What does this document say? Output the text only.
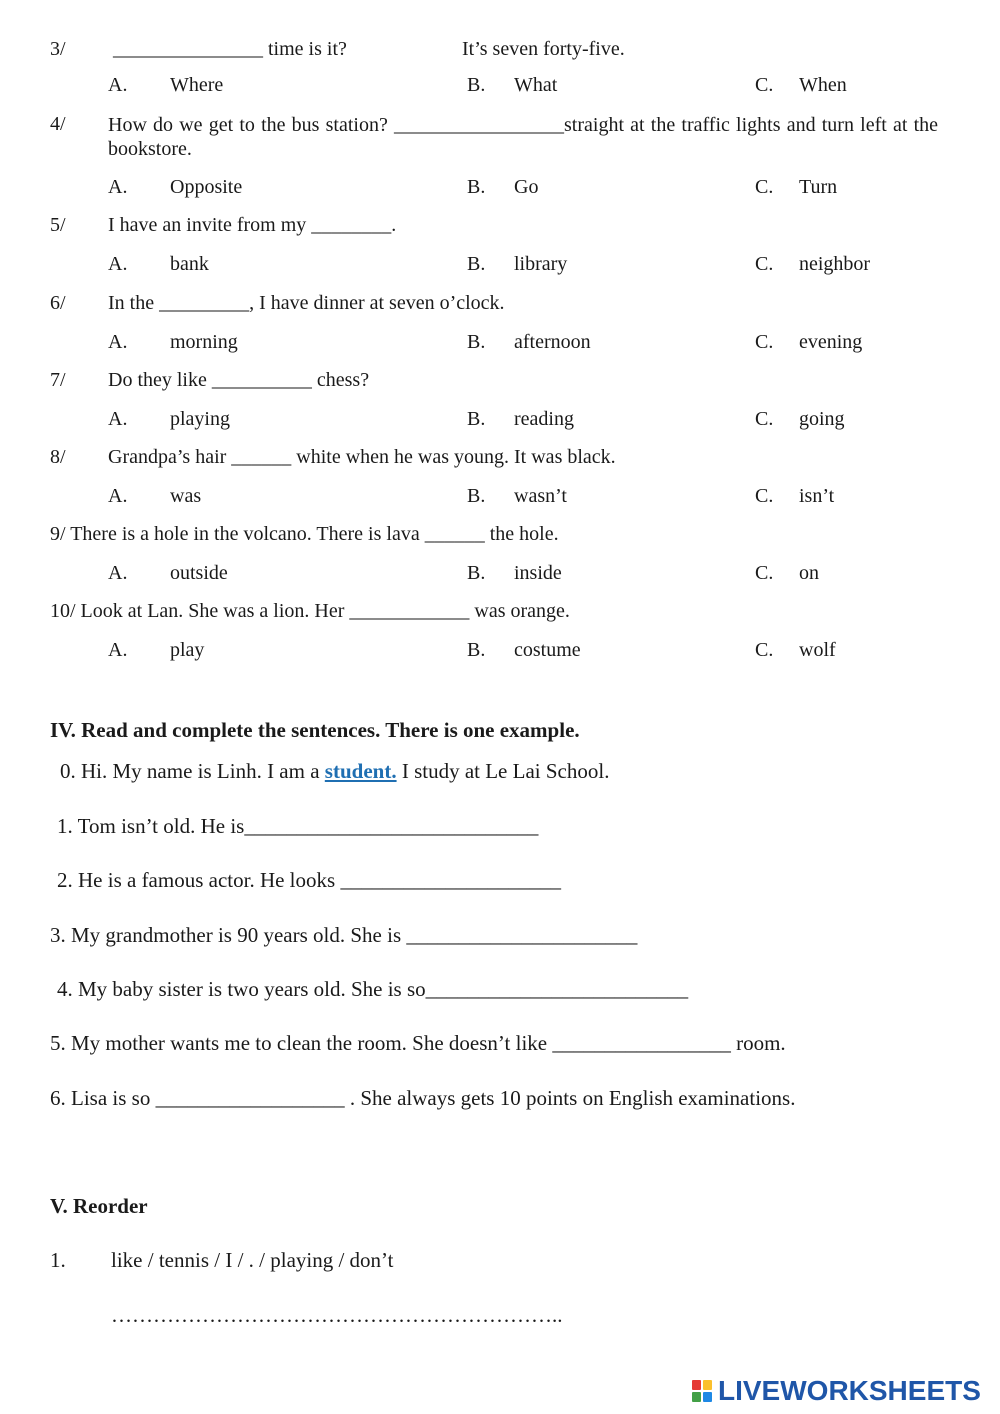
3/ _______________ time is it?	It’s seven forty-five.
A. Where	B. What	C. When
4/ How do we get to the bus station? _________________straight at the traffic lights and turn left at the bookstore.
A. Opposite	B. Go	C. Turn
5/ I have an invite from my ________.
A. bank	B. library	C. neighbor
6/ In the _________, I have dinner at seven o’clock.
A. morning	B. afternoon	C. evening
7/ Do they like __________ chess?
A. playing	B. reading	C. going
8/ Grandpa’s hair ______ white when he was young. It was black.
A. was	B. wasn’t	C. isn’t
9/ There is a hole in the volcano. There is lava ______ the hole.
A. outside	B. inside	C. on
10/ Look at Lan. She was a lion. Her ____________ was orange.
A. play	B. costume	C. wolf
IV. Read and complete the sentences. There is one example.
0. Hi. My name is Linh. I am a student. I study at Le Lai School.
1. Tom isn’t old. He is____________________________
2. He is a famous actor. He looks _____________________
3. My grandmother is 90 years old. She is ______________________
4. My baby sister is two years old. She is so_________________________
5. My mother wants me to clean the room. She doesn’t like _________________ room.
6. Lisa is so __________________ . She always gets 10 points on English examinations.
V. Reorder
1. like / tennis / I / . / playing / don’t
………………………………………………………..
LIVEWORKSHEETS
